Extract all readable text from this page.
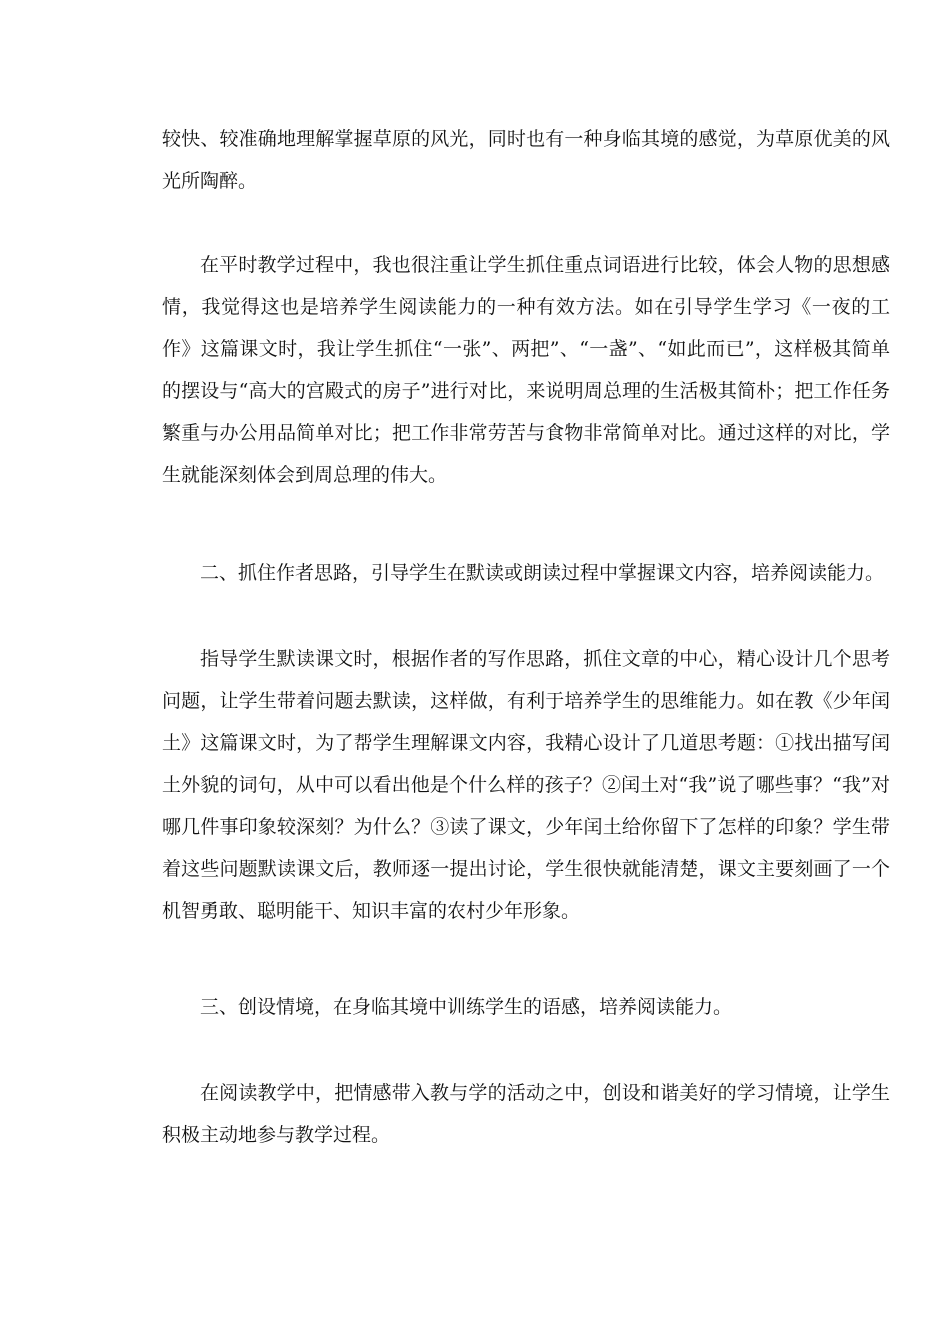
较快、较准确地理解掌握草原的风光，同时也有一种身临其境的感觉，为草原优美的风光所陶醉。

在平时教学过程中，我也很注重让学生抓住重点词语进行比较，体会人物的思想感情，我觉得这也是培养学生阅读能力的一种有效方法。如在引导学生学习《一夜的工作》这篇课文时，我让学生抓住“一张”、两把”、“一盏”、“如此而已”，这样极其简单的摆设与“高大的宫殿式的房子”进行对比，来说明周总理的生活极其简朴；把工作任务繁重与办公用品简单对比；把工作非常劳苦与食物非常简单对比。通过这样的对比，学生就能深刻体会到周总理的伟大。

二、抓住作者思路，引导学生在默读或朗读过程中掌握课文内容，培养阅读能力。

指导学生默读课文时，根据作者的写作思路，抓住文章的中心，精心设计几个思考问题，让学生带着问题去默读，这样做，有利于培养学生的思维能力。如在教《少年闰土》这篇课文时，为了帮学生理解课文内容，我精心设计了几道思考题：①找出描写闰土外貌的词句，从中可以看出他是个什么样的孩子？②闰土对“我”说了哪些事？“我”对哪几件事印象较深刻？为什么？③读了课文，少年闰土给你留下了怎样的印象？学生带着这些问题默读课文后，教师逐一提出讨论，学生很快就能清楚，课文主要刻画了一个机智勇敢、聪明能干、知识丰富的农村少年形象。

三、创设情境，在身临其境中训练学生的语感，培养阅读能力。

在阅读教学中，把情感带入教与学的活动之中，创设和谐美好的学习情境，让学生积极主动地参与教学过程。
